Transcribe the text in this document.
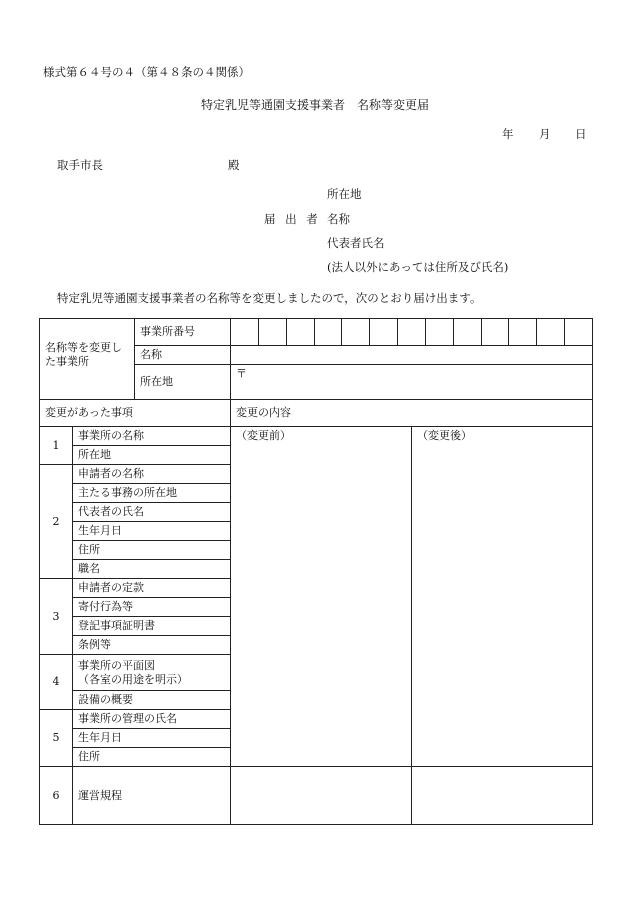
様式第６４号の４（第４８条の４関係）
特定乳児等通園支援事業者　名称等変更届
年 月 日
取手市長	殿
所在地
届 出 者 名称
代表者氏名
(法人以外にあっては住所及び氏名)
特定乳児等通園支援事業者の名称等を変更しましたので，次のとおり届け出ます。
名称等を変更した事業所		事業所番号		

		名称		
		所在地	〒	
変更があった事項			変更の内容	
1	事業所の名称		（変更前）	（変更後）
	所在地			
2	申請者の名称			
	主たる事務の所在地			
	代表者の氏名			
	生年月日			
	住所			
	職名			
3	申請者の定款			
	寄付行為等			
	登記事項証明書			
	条例等			
4	事業所の平面図
（各室の用途を明示）			
	設備の概要			
5	事業所の管理の氏名			
	生年月日			
	住所			
6	運営規程			
